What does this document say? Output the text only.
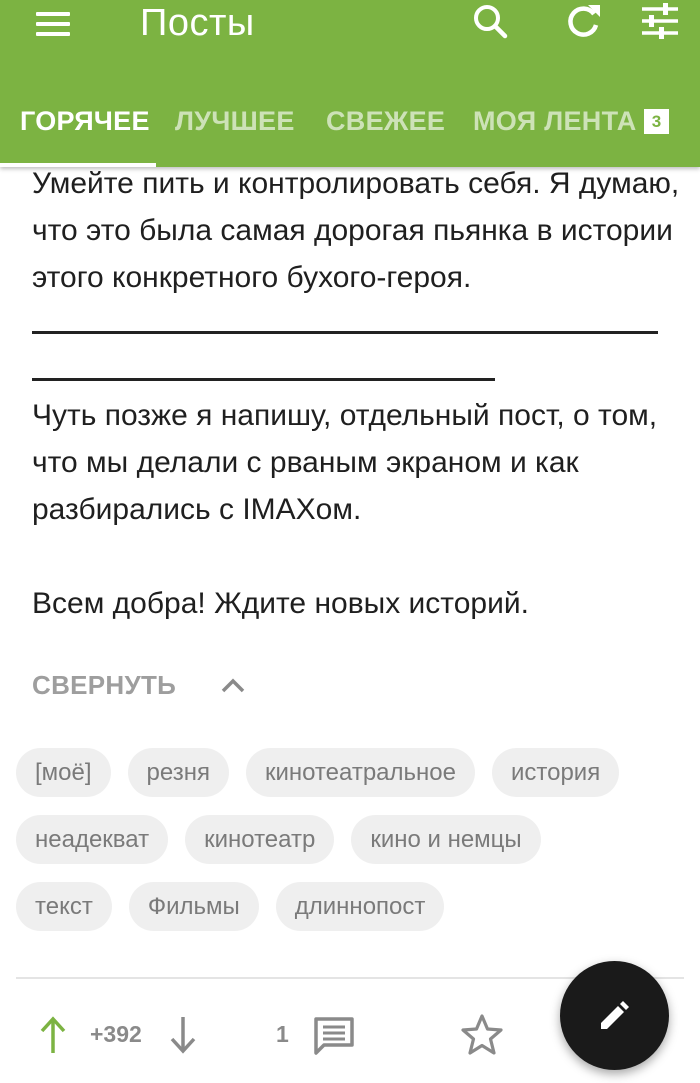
Посты
ГОРЯЧЕЕ ЛУЧШЕЕ СВЕЖЕЕ МОЯ ЛЕНТА 3
Умейте пить и контролировать себя. Я думаю, что это была самая дорогая пьянка в истории этого конкретного бухого-героя.
Чуть позже я напишу, отдельный пост, о том, что мы делали с рваным экраном и как разбирались с IMAXом.
Всем добра! Ждите новых историй.
СВЕРНУТЬ
[моё]	резня	кинотеатральное	история
неадекват	кинотеатр	кино и немцы
текст	Фильмы	длиннопост
+392	1
